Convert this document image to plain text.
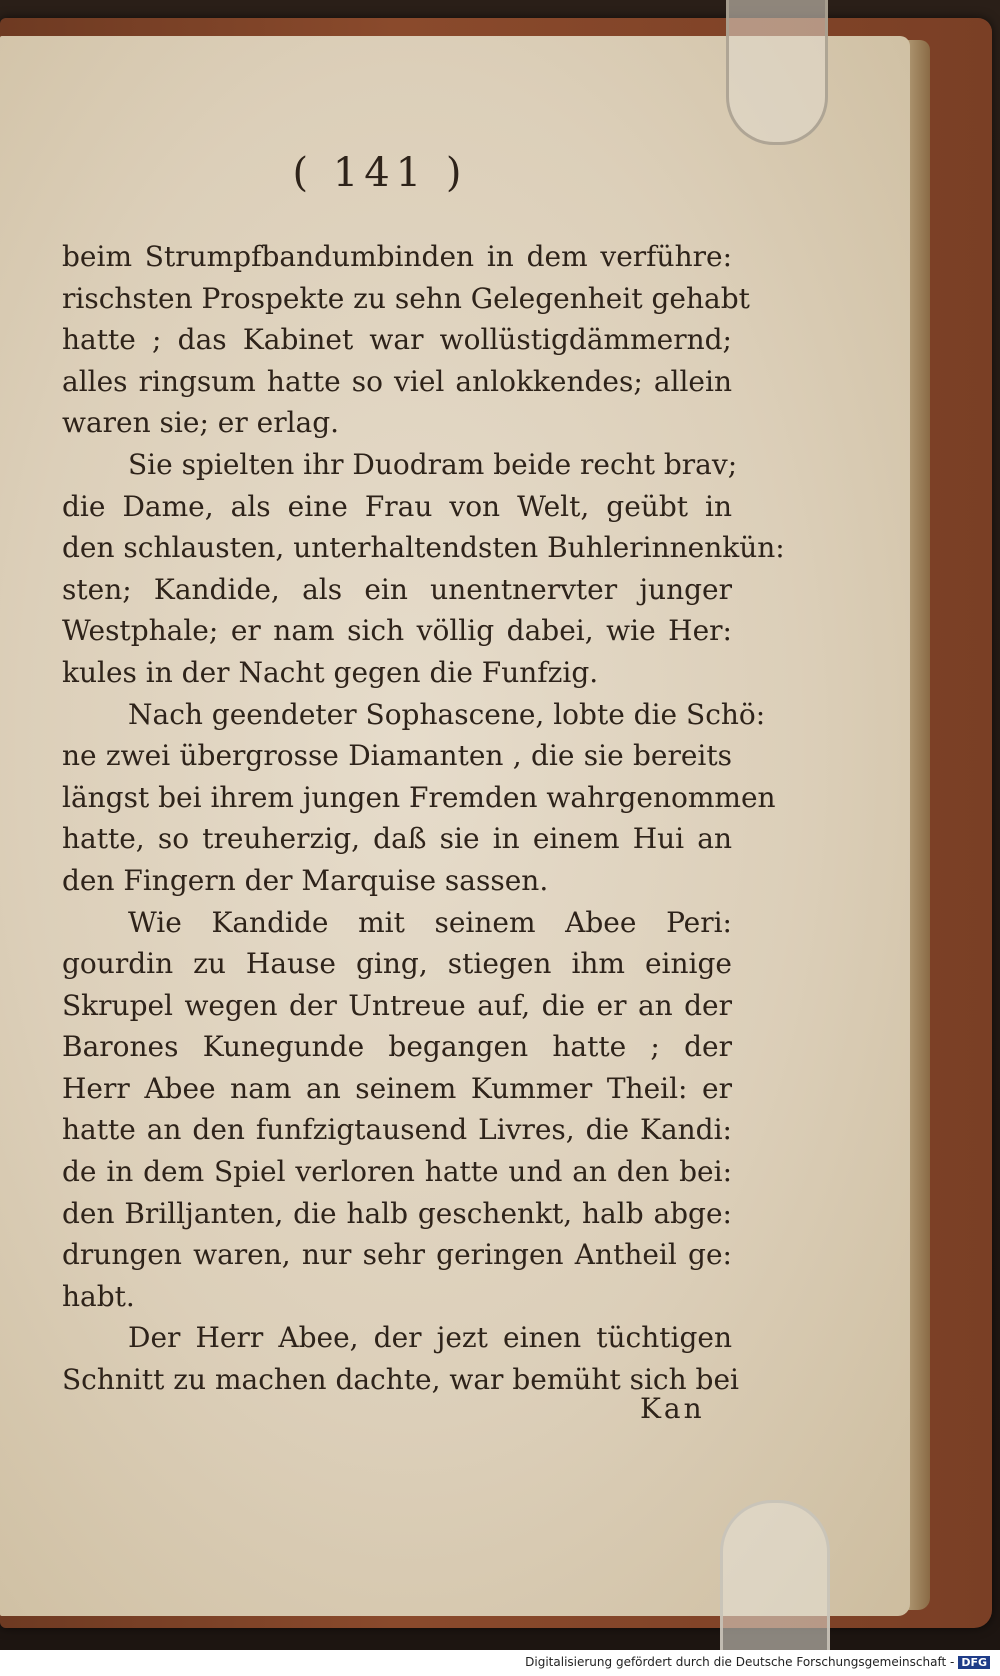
( 141 )
beim Strumpfbandumbinden in dem verführe:
rischsten Prospekte zu sehn Gelegenheit gehabt
hatte ; das Kabinet war wollüstigdämmernd;
alles ringsum hatte so viel anlokkendes; allein
waren sie; er erlag.
Sie spielten ihr Duodram beide recht brav;
die Dame, als eine Frau von Welt, geübt in
den schlausten, unterhaltendsten Buhlerinnenkün:
sten; Kandide, als ein unentnervter junger
Westphale; er nam sich völlig dabei, wie Her:
kules in der Nacht gegen die Funfzig.
Nach geendeter Sophascene, lobte die Schö:
ne zwei übergrosse Diamanten , die sie bereits
längst bei ihrem jungen Fremden wahrgenommen
hatte, so treuherzig, daß sie in einem Hui an
den Fingern der Marquise sassen.
Wie Kandide mit seinem Abee Peri:
gourdin zu Hause ging, stiegen ihm einige
Skrupel wegen der Untreue auf, die er an der
Barones Kunegunde begangen hatte ; der
Herr Abee nam an seinem Kummer Theil: er
hatte an den funfzigtausend Livres, die Kandi:
de in dem Spiel verloren hatte und an den bei:
den Brilljanten, die halb geschenkt, halb abge:
drungen waren, nur sehr geringen Antheil ge:
habt.
Der Herr Abee, der jezt einen tüchtigen
Schnitt zu machen dachte, war bemüht sich bei
Kan
Digitalisierung gefördert durch die Deutsche Forschungsgemeinschaft - DFG
